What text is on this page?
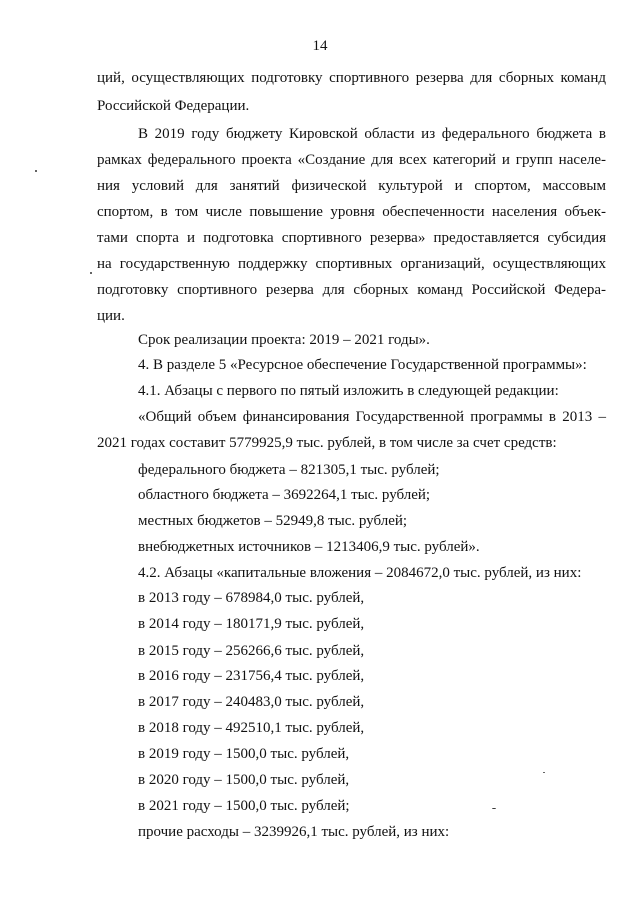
14
ций, осуществляющих подготовку спортивного резерва для сборных команд
Российской Федерации.
В 2019 году бюджету Кировской области из федерального бюджета в
рамках федерального проекта «Создание для всех категорий и групп населе-
ния условий для занятий физической культурой и спортом, массовым
спортом, в том числе повышение уровня обеспеченности населения объек-
тами спорта и подготовка спортивного резерва» предоставляется субсидия
на государственную поддержку спортивных организаций, осуществляющих
подготовку спортивного резерва для сборных команд Российской Федера-
ции.
Срок реализации проекта: 2019 – 2021 годы».
4. В разделе 5 «Ресурсное обеспечение Государственной программы»:
4.1. Абзацы с первого по пятый изложить в следующей редакции:
«Общий объем финансирования Государственной программы в 2013 –
2021 годах составит 5779925,9 тыс. рублей, в том числе за счет средств:
федерального бюджета – 821305,1 тыс. рублей;
областного бюджета – 3692264,1 тыс. рублей;
местных бюджетов – 52949,8 тыс. рублей;
внебюджетных источников – 1213406,9 тыс. рублей».
4.2. Абзацы «капитальные вложения – 2084672,0 тыс. рублей, из них:
в 2013 году – 678984,0 тыс. рублей,
в 2014 году – 180171,9 тыс. рублей,
в 2015 году – 256266,6 тыс. рублей,
в 2016 году – 231756,4 тыс. рублей,
в 2017 году – 240483,0 тыс. рублей,
в 2018 году – 492510,1 тыс. рублей,
в 2019 году – 1500,0 тыс. рублей,
в 2020 году – 1500,0 тыс. рублей,
в 2021 году – 1500,0 тыс. рублей;
прочие расходы – 3239926,1 тыс. рублей, из них:
